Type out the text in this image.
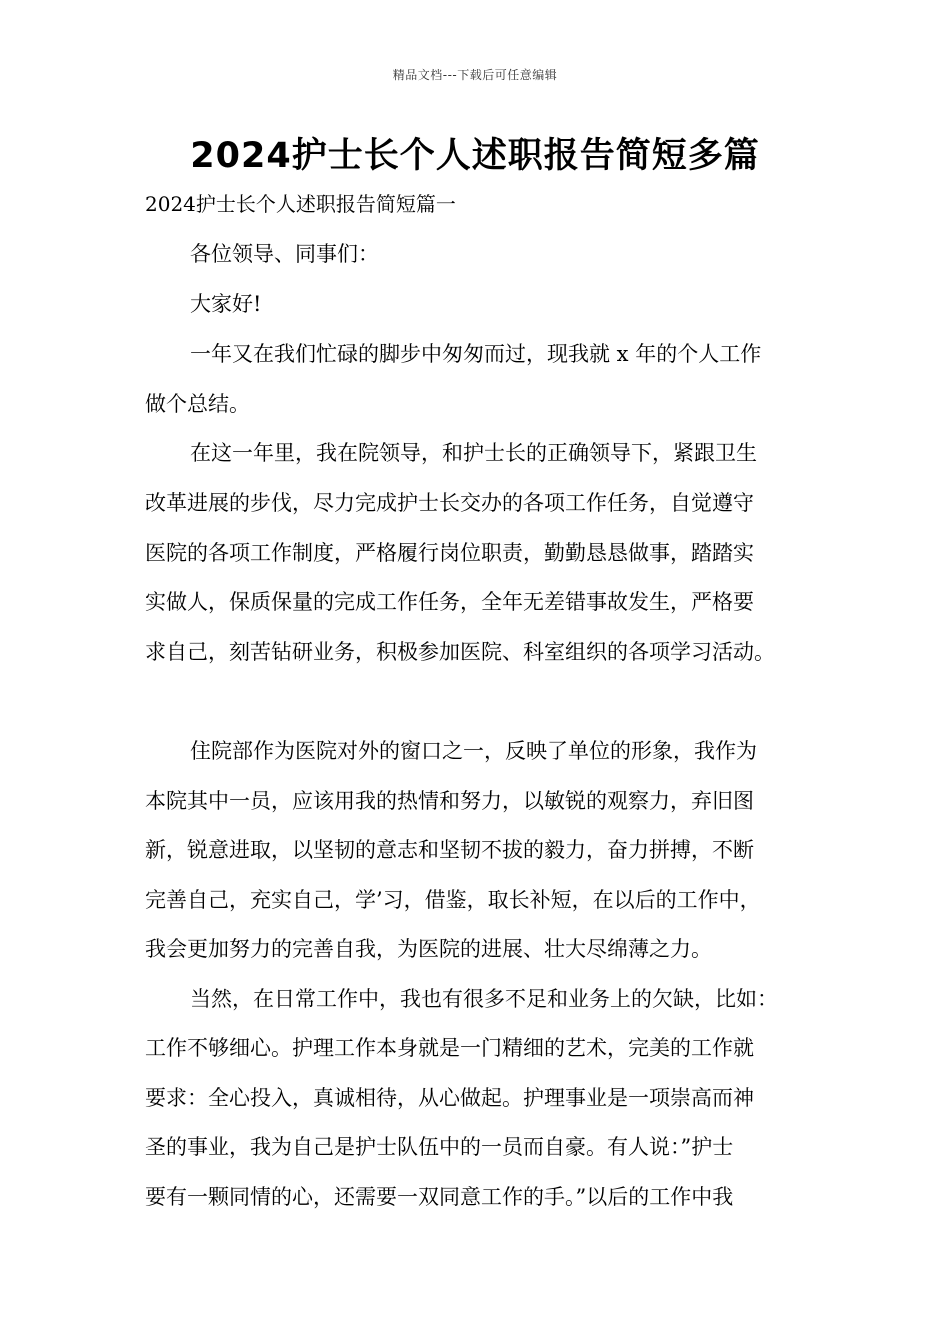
精品文档---下载后可任意编辑
2024护士长个人述职报告简短多篇
2024护士长个人述职报告简短篇一
各位领导、同事们：
大家好!
一年又在我们忙碌的脚步中匆匆而过，现我就 x 年的个人工作
做个总结。
在这一年里，我在院领导，和护士长的正确领导下，紧跟卫生
改革进展的步伐，尽力完成护士长交办的各项工作任务，自觉遵守
医院的各项工作制度，严格履行岗位职责，勤勤恳恳做事，踏踏实
实做人，保质保量的完成工作任务，全年无差错事故发生，严格要
求自己，刻苦钻研业务，积极参加医院、科室组织的各项学习活动。
住院部作为医院对外的窗口之一，反映了单位的形象，我作为
本院其中一员，应该用我的热情和努力，以敏锐的观察力，弃旧图
新，锐意进取，以坚韧的意志和坚韧不拔的毅力，奋力拼搏，不断
完善自己，充实自己，学’习，借鉴，取长补短，在以后的工作中，
我会更加努力的完善自我，为医院的进展、壮大尽绵薄之力。
当然，在日常工作中，我也有很多不足和业务上的欠缺，比如：
工作不够细心。护理工作本身就是一门精细的艺术，完美的工作就
要求：全心投入，真诚相待，从心做起。护理事业是一项崇高而神
圣的事业，我为自己是护士队伍中的一员而自豪。有人说：”护士
要有一颗同情的心，还需要一双同意工作的手。”以后的工作中我
